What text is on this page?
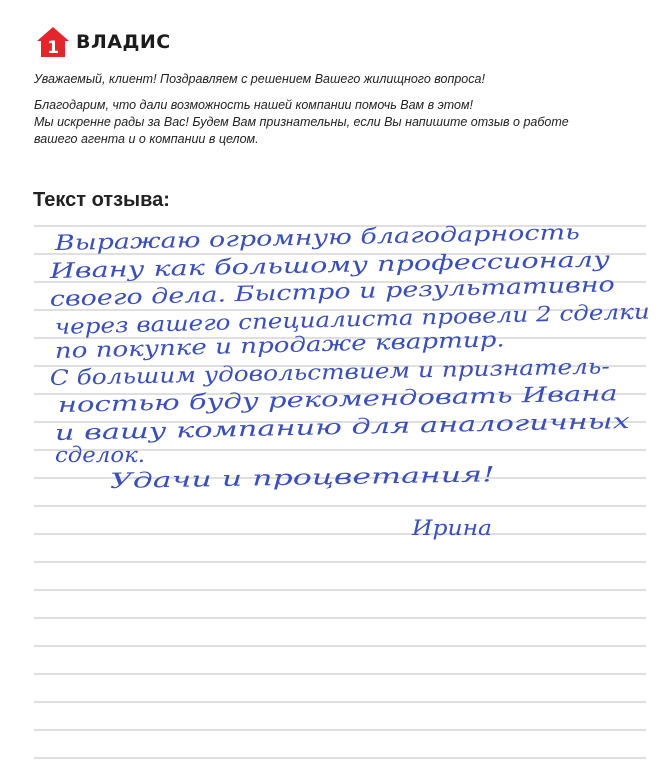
1 ВЛАДИС

Уважаемый, клиент! Поздравляем с решением Вашего жилищного вопроса!

Благодарим, что дали возможность нашей компании помочь Вам в этом!

Мы искренне рады за Вас! Будем Вам признательны, если Вы напишите отзыв о работе

вашего агента и о компании в целом.

Текст отзыва:
Выражаю огромную благодарность
Ивану как большому профессионалу
своего дела. Быстро и результативно
через вашего специалиста провели 2 сделки
по покупке и продаже квартир.
С большим удовольствием и признатель-
ностью буду рекомендовать Ивана
и вашу компанию для аналогичных
сделок.
Удачи и процветания!
Ирина
